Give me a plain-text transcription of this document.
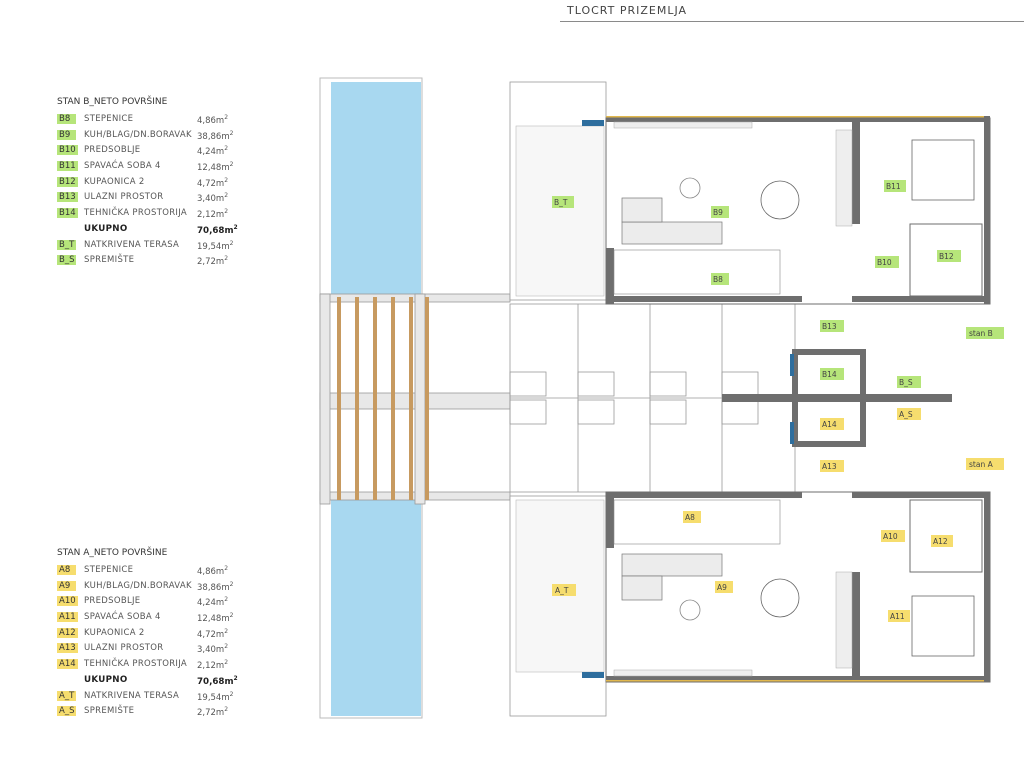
TLOCRT PRIZEMLJA
STAN B_NETO POVRŠINE
B8	STEPENICE	$4,86m^2$
B9	KUH/BLAG/DN.BORAVAK $38,86m^2$
B10 PREDSOBLJE	$4,24m^2$
B11 SPAVAĆA SOBA 4	$12,48m^2$
B12 KUPAONICA 2	$4,72m^2$
B13 ULAZNI PROSTOR	$3,40m^2$
B14 TEHNIČKA PROSTORIJA $2,12m^2$
UKUPNO	$70,68m^2$
B_T NATKRIVENA TERASA $19,54m^2$
B_S SPREMIŠTE	$2,72m^2$
STAN A_NETO POVRŠINE
A8	STEPENICE	$4,86m^2$
A9	KUH/BLAG/DN.BORAVAK $38,86m^2$
A10 PREDSOBLJE	$4,24m^2$
A11 SPAVAĆA SOBA 4	$12,48m^2$
A12 KUPAONICA 2	$4,72m^2$
A13 ULAZNI PROSTOR	$3,40m^2$
A14 TEHNIČKA PROSTORIJA $2,12m^2$
UKUPNO	$70,68m^2$
A_T NATKRIVENA TERASA $19,54m^2$
A_S SPREMIŠTE	$2,72m^2$
B_T
B9
B8
B11
B10
B12
B13
B14
B_S
stan B
A_S
A14
A13	stan A
A8
A10
A12
A_T	A9
A11
